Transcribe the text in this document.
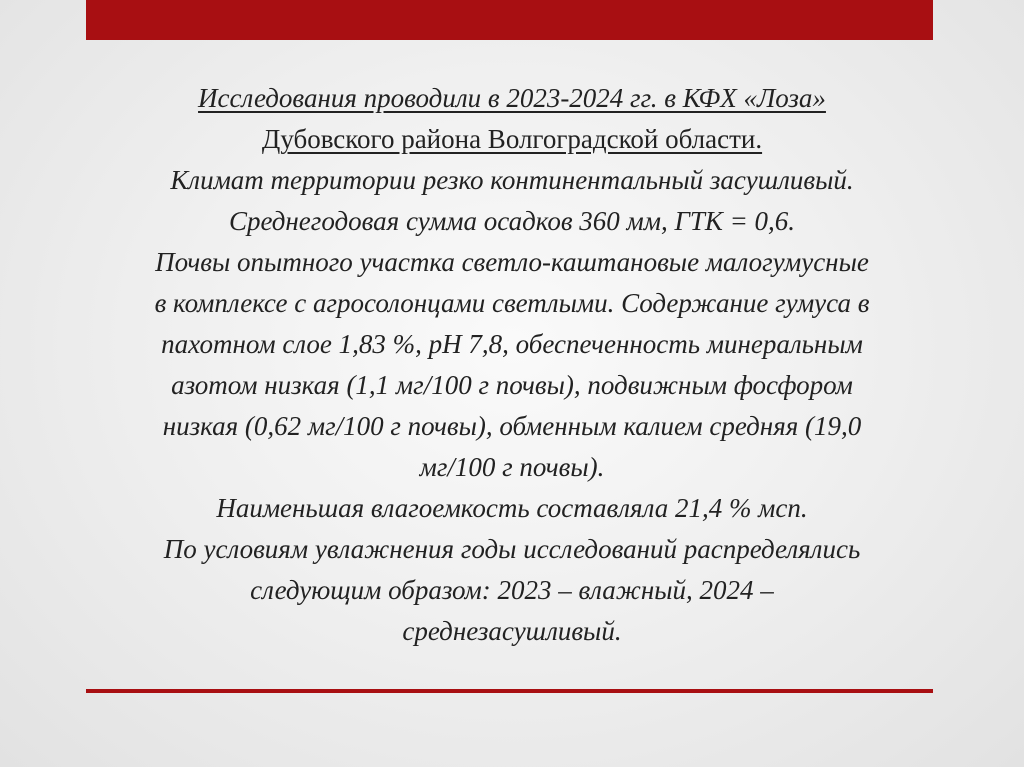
Исследования проводили в 2023-2024 гг. в КФХ «Лоза»
Дубовского района Волгоградской области.
Климат территории резко континентальный засушливый.
Среднегодовая сумма осадков 360 мм, ГТК = 0,6.
Почвы опытного участка светло-каштановые малогумусные
в комплексе с агросолонцами светлыми. Содержание гумуса в
пахотном слое 1,83 %, pH 7,8, обеспеченность минеральным
азотом низкая (1,1 мг/100 г почвы), подвижным фосфором
низкая (0,62 мг/100 г почвы), обменным калием средняя (19,0
мг/100 г почвы).
Наименьшая влагоемкость составляла 21,4 % мсп.
По условиям увлажнения годы исследований распределялись
следующим образом: 2023 – влажный, 2024 –
среднезасушливый.
